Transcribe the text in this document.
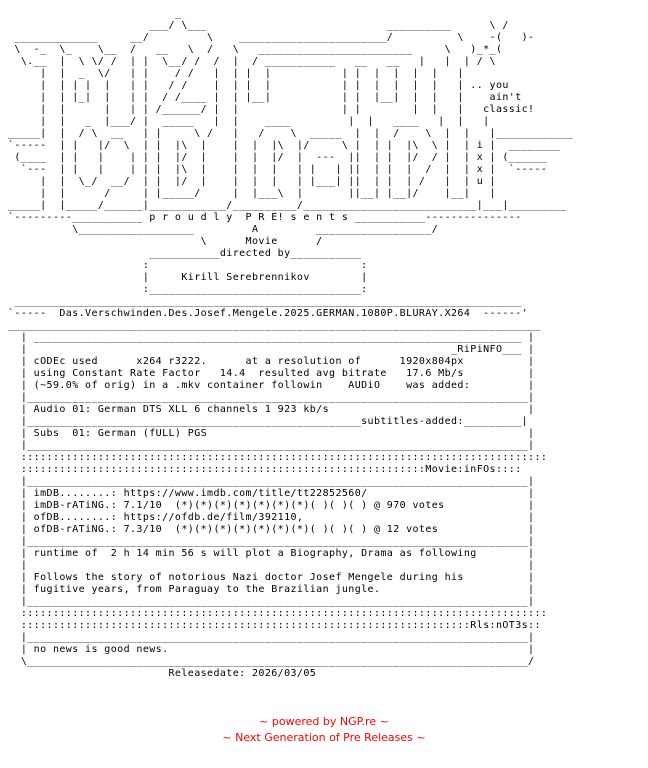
_
___/ \___                            __________      \ /
_____________     __/         \    _______________________/          \    -(   )-
\  -_  \_    \__  /   __   \  /   \   ________________________     \   )_*_(
\.__  |  \ \/ /  | |  \__/ /  /  |  / ___________   __   __   |   |  | / \
|  |  _  \/   | |    / /   |  | |  |           | |  |  |  |  |   |
|  | | |  |   | |   / /    |  | |  |           | |  |  |  |  |   | .. you
|  | |_|  |   | |  / /____ |  | |__|           | |  |__|  |  |   |    ain't
|  |      |   | | /______/ |  |                | |        |  |   |   classic!
|  |   _  |___/ |  _____   |  |    ____         |  |   ____   |  |   |
_____|  |  / \  __   | |     \ /   |   /    \  _____  |  |  /    \  |  |   |____________
`-----  | |   |/  \  | |  |\  |    |  |  |\  |/     \ |  | |  |\  \ |  | i |  ________
(____  | |   |    | | |  |/  |    |  |  |/  |  ---  ||  | |  |/  / |  | x | (______
`---  | |   |    | | |  |\  |    |  |  |   | |   | ||  | |  |  /  |  | x |  `-----
|  |  \_/  __/  | |  |/  |    |  |  |   | |___| ||  | |  | /   |  | u |
|  |      /     | |_____/     |  |___\  |       ||__| |__|/    |__|   |
_____|  |_____/______|____________/__________/___________________________|___|_________
`---------___________ p r o u d l y  P R E! s e n t s ___________---------------
\__________________         A         __________________/
\      Movie      /
___________directed by___________
:                                 :
|     Kirill Serebrennikov        |
:_________________________________:
_______________________________________________________________________________
`-----  Das.Verschwinden.Des.Josef.Mengele.2025.GERMAN.1080P.BLURAY.X264  ------'
___________________________________________________________________________________
| ____________________________________________________________________________ |
|                                                                  _RiPiNFO___ |
| cODEc used      x264 r3222.      at a resolution of      1920x804px          |
| using Constant Rate Factor   14.4  resulted avg bitrate   17.6 Mb/s          |
| (~59.0% of orig) in a .mkv container followin    AUDiO    was added:         |
|______________________________________________________________________________|
| Audio 01: German DTS XLL 6 channels 1 923 kb/s                               |
|____________________________________________________subtitles-added:_________|
| Subs  01: German (fULL) PGS                                                  |
|______________________________________________________________________________|
::::::::::::::::::::::::::::::::::::::::::::::::::::::::::::::::::::::::::::::::::
:::::::::::::::::::::::::::::::::::::::::::::::::::::::::::::::Movie:inFOs::::
|______________________________________________________________________________|
| imDB........: https://www.imdb.com/title/tt22852560/                         |
| imDB-rATiNG.: 7.1/10  (*)(*)(*)(*)(*)(*)(*)( )( )( ) @ 970 votes             |
| ofDB........: https://ofdb.de/film/392110,                                   |
| ofDB-rATiNG.: 7.3/10  (*)(*)(*)(*)(*)(*)(*)( )( )( ) @ 12 votes              |
|______________________________________________________________________________|
| runtime of  2 h 14 min 56 s will plot a Biography, Drama as following        |
|                                                                              |
| Follows the story of notorious Nazi doctor Josef Mengele during his          |
| fugitive years, from Paraguay to the Brazilian jungle.                       |
|______________________________________________________________________________|
::::::::::::::::::::::::::::::::::::::::::::::::::::::::::::::::::::::::::::::::::
::::::::::::::::::::::::::::::::::::::::::::::::::::::::::::::::::::::Rls:nOT3s::
|______________________________________________________________________________|
| no news is good news.                                                        |
\______________________________________________________________________________/
Releasedate: 2026/03/05
~ powered by NGP.re ~
~ Next Generation of Pre Releases ~
